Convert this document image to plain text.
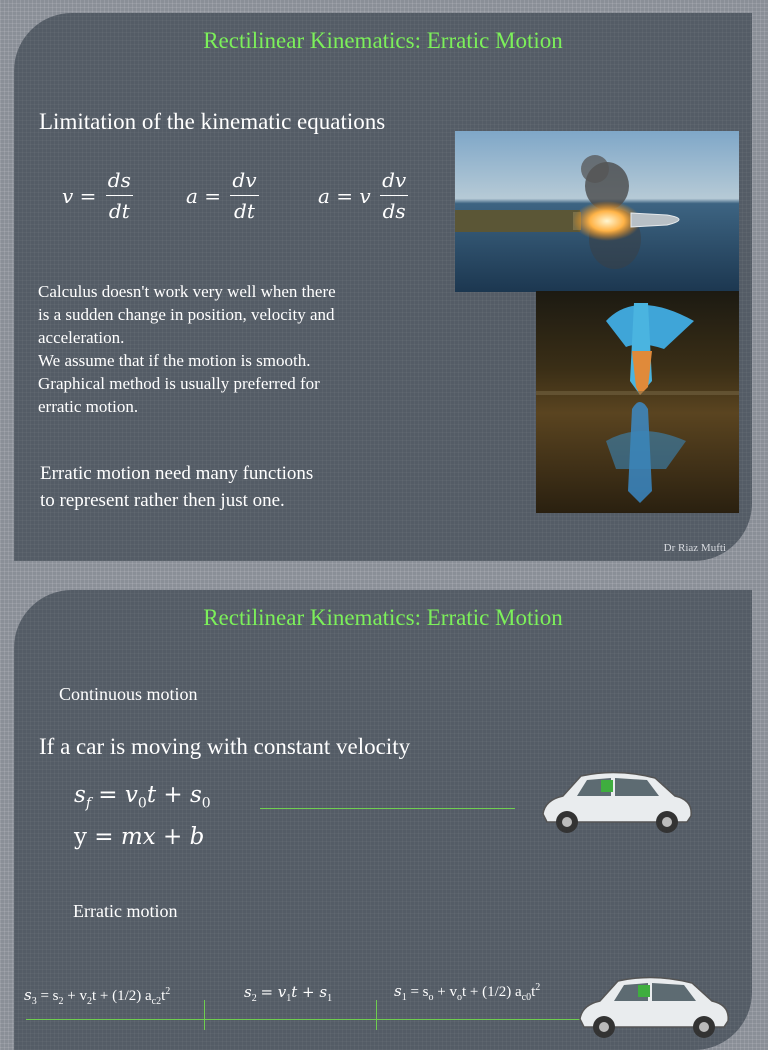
Rectilinear Kinematics: Erratic Motion
Limitation of the kinematic equations
$v = \frac{ds}{dt}$	$a = \frac{dv}{dt}$	a = v $\frac{dv}{ds}$
Calculus doesn't work very well when there
is a sudden change in position, velocity and
acceleration.
We assume that if the motion is smooth.
Graphical method is usually preferred for
erratic motion.
Erratic motion need many functions
to represent rather then just one.
Dr Riaz Mufti
Rectilinear Kinematics: Erratic Motion
Continuous motion
If a car is moving with constant velocity
$s_f = v_0t + s_0$
y = mx + b
Erratic motion
$s_3 = s_2 + v_2t + (1/2)$ $a_{c2}t^2$	$s_2 = v_1t + s_1$	$s_1 = s_o + v_ot + (1/2)$ $a_{c0}t^2$
